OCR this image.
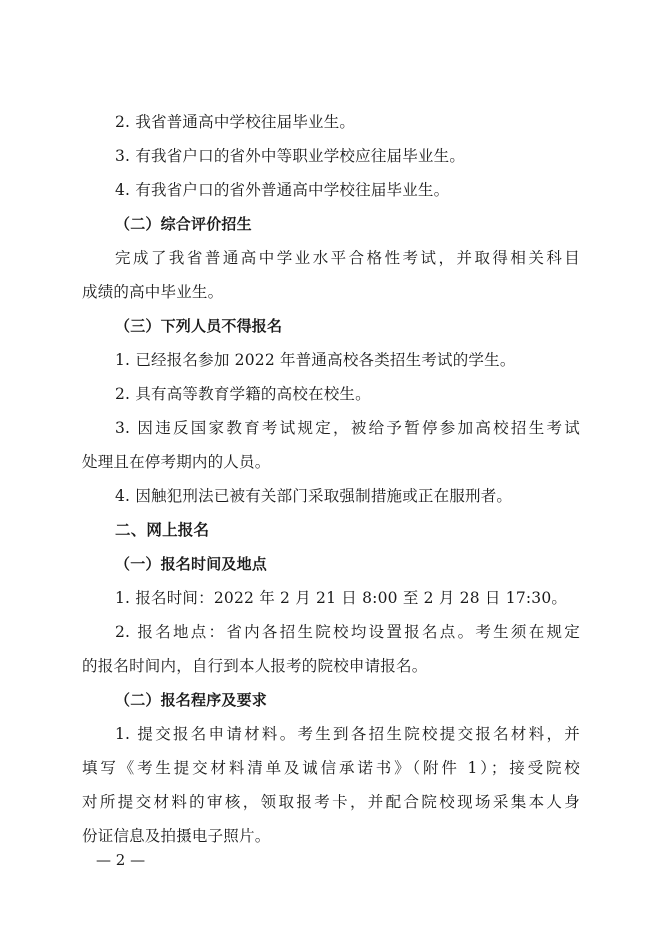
2. 我省普通高中学校往届毕业生。
3. 有我省户口的省外中等职业学校应往届毕业生。
4. 有我省户口的省外普通高中学校往届毕业生。
（二）综合评价招生
完成了我省普通高中学业水平合格性考试，并取得相关科目
成绩的高中毕业生。
（三）下列人员不得报名
1. 已经报名参加 2022 年普通高校各类招生考试的学生。
2. 具有高等教育学籍的高校在校生。
3. 因违反国家教育考试规定，被给予暂停参加高校招生考试
处理且在停考期内的人员。
4. 因触犯刑法已被有关部门采取强制措施或正在服刑者。
二、网上报名
（一）报名时间及地点
1. 报名时间：2022 年 2 月 21 日 8:00 至 2 月 28 日 17:30。
2. 报名地点：省内各招生院校均设置报名点。考生须在规定
的报名时间内，自行到本人报考的院校申请报名。
（二）报名程序及要求
1. 提交报名申请材料。考生到各招生院校提交报名材料，并
填写《考生提交材料清单及诚信承诺书》（附件 1）；接受院校
对所提交材料的审核，领取报考卡，并配合院校现场采集本人身
份证信息及拍摄电子照片。
— 2 —
